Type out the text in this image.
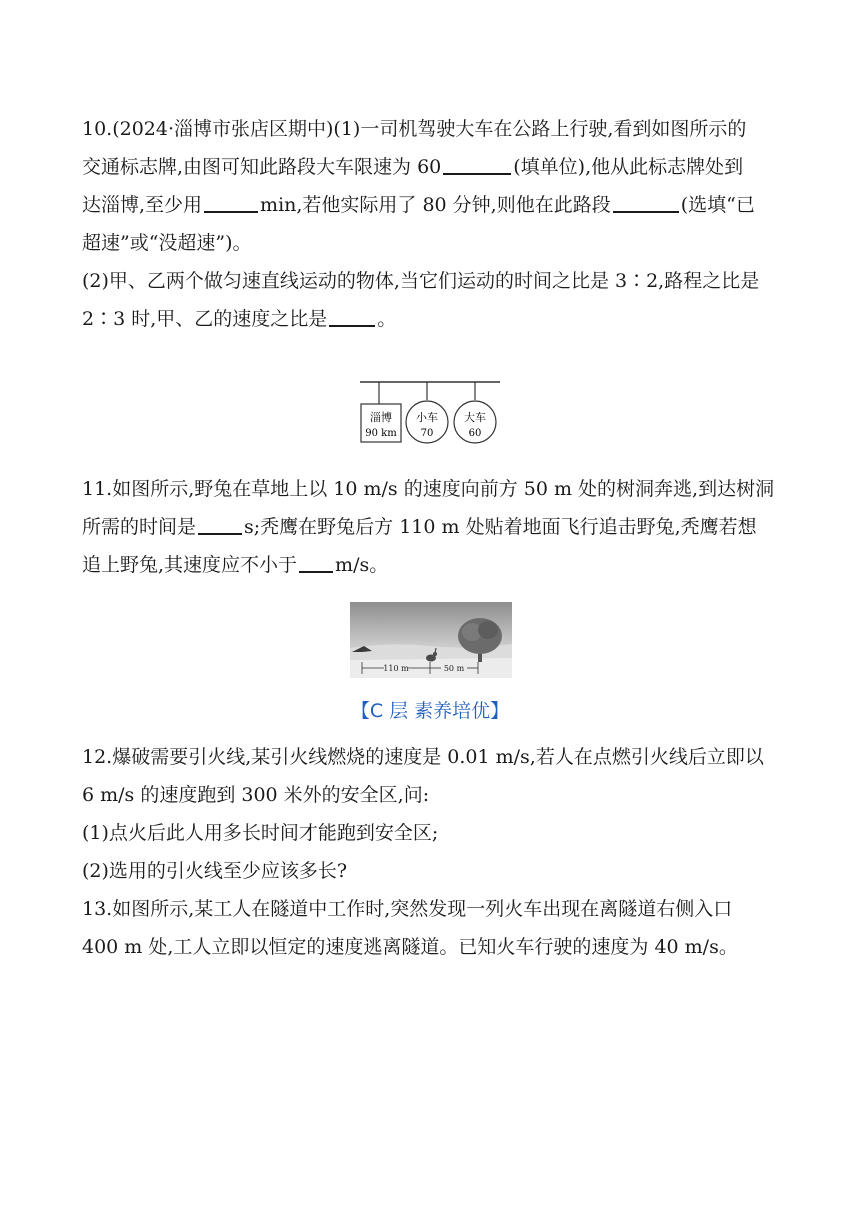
10.(2024·淄博市张店区期中)(1)一司机驾驶大车在公路上行驶,看到如图所示的
交通标志牌,由图可知此路段大车限速为 60	(填单位),他从此标志牌处到
达淄博,至少用	min,若他实际用了 80 分钟,则他在此路段	(选填“已
超速”或“没超速”)。
(2)甲、乙两个做匀速直线运动的物体,当它们运动的时间之比是 3∶2,路程之比是
2∶3 时,甲、乙的速度之比是	。
淄博
90 km
小车
70
大车
60
11.如图所示,野兔在草地上以 10 m/s 的速度向前方 50 m 处的树洞奔逃,到达树洞
所需的时间是	s;秃鹰在野兔后方 110 m 处贴着地面飞行追击野兔,秃鹰若想
追上野兔,其速度应不小于 m/s。
110 m	50 m
【C 层 素养培优】
12.爆破需要引火线,某引火线燃烧的速度是 0.01 m/s,若人在点燃引火线后立即以
6 m/s 的速度跑到 300 米外的安全区,问:
(1)点火后此人用多长时间才能跑到安全区;
(2)选用的引火线至少应该多长?
13.如图所示,某工人在隧道中工作时,突然发现一列火车出现在离隧道右侧入口
400 m 处,工人立即以恒定的速度逃离隧道。已知火车行驶的速度为 40 m/s。
